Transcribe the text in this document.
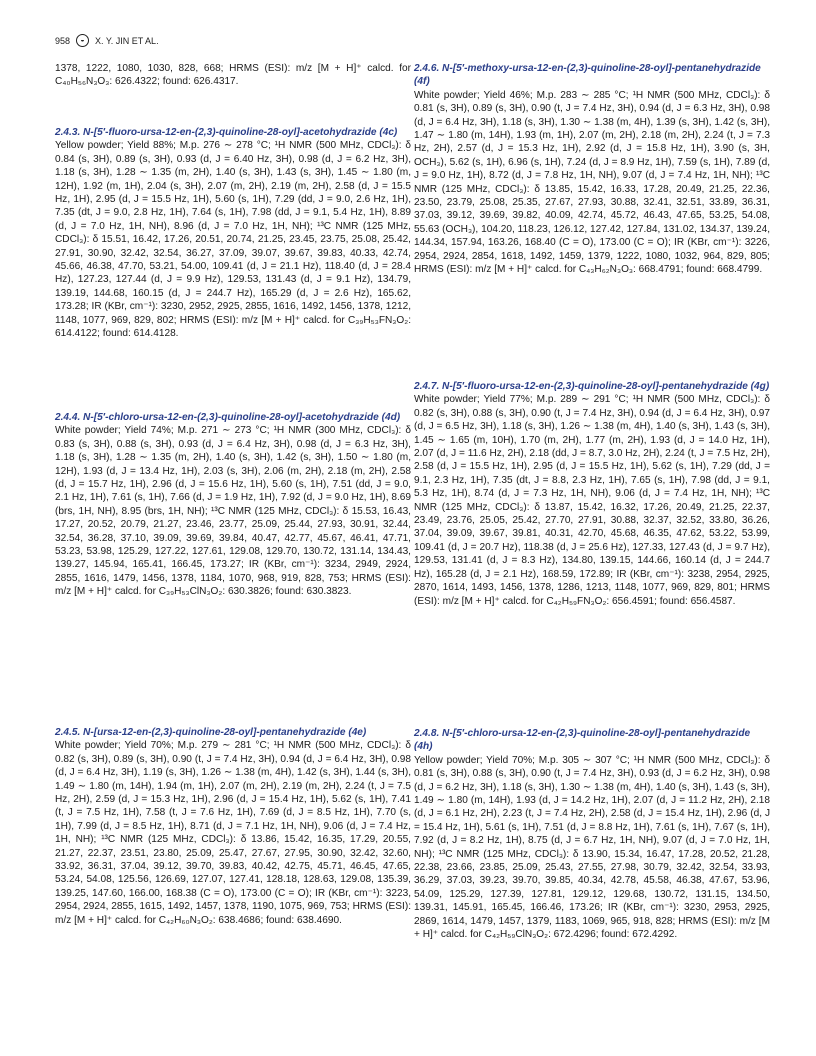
958	◒	X. Y. JIN ET AL.

1378, 1222, 1080, 1030, 828, 668; HRMS (ESI): m/z [M + H]⁺ calcd. for C₄₀H₅₆N₃O₃: 626.4322; found: 626.4317.

2.4.3. N-[5′-fluoro-ursa-12-en-(2,3)-quinoline-28-oyl]-acetohydrazide (4c)

Yellow powder; Yield 88%; M.p. 276 ∼ 278 °C; ¹H NMR (500 MHz, CDCl₃): δ 0.84 (s, 3H), 0.89 (s, 3H), 0.93 (d, J = 6.40 Hz, 3H), 0.98 (d, J = 6.2 Hz, 3H), 1.18 (s, 3H), 1.28 ∼ 1.35 (m, 2H), 1.40 (s, 3H), 1.43 (s, 3H), 1.45 ∼ 1.80 (m, 12H), 1.92 (m, 1H), 2.04 (s, 3H), 2.07 (m, 2H), 2.19 (m, 2H), 2.58 (d, J = 15.5 Hz, 1H), 2.95 (d, J = 15.5 Hz, 1H), 5.60 (s, 1H), 7.29 (dd, J = 9.0, 2.6 Hz, 1H), 7.35 (dt, J = 9.0, 2.8 Hz, 1H), 7.64 (s, 1H), 7.98 (dd, J = 9.1, 5.4 Hz, 1H), 8.89 (d, J = 7.0 Hz, 1H, NH), 8.96 (d, J = 7.0 Hz, 1H, NH); ¹³C NMR (125 MHz, CDCl₃): δ 15.51, 16.42, 17.26, 20.51, 20.74, 21.25, 23.45, 23.75, 25.08, 25.42, 27.91, 30.90, 32.42, 32.54, 36.27, 37.09, 39.07, 39.67, 39.83, 40.33, 42.74, 45.66, 46.38, 47.70, 53.21, 54.00, 109.41 (d, J = 21.1 Hz), 118.40 (d, J = 28.4 Hz), 127.23, 127.44 (d, J = 9.9 Hz), 129.53, 131.43 (d, J = 9.1 Hz), 134.79, 139.19, 144.68, 160.15 (d, J = 244.7 Hz), 165.29 (d, J = 2.6 Hz), 165.62, 173.28; IR (KBr, cm⁻¹): 3230, 2952, 2925, 2855, 1616, 1492, 1456, 1378, 1212, 1148, 1077, 969, 829, 802; HRMS (ESI): m/z [M + H]⁺ calcd. for C₃₉H₅₃FN₃O₂: 614.4122; found: 614.4128.

2.4.4. N-[5′-chloro-ursa-12-en-(2,3)-quinoline-28-oyl]-acetohydrazide (4d)

White powder; Yield 74%; M.p. 271 ∼ 273 °C; ¹H NMR (300 MHz, CDCl₃): δ 0.83 (s, 3H), 0.88 (s, 3H), 0.93 (d, J = 6.4 Hz, 3H), 0.98 (d, J = 6.3 Hz, 3H), 1.18 (s, 3H), 1.28 ∼ 1.35 (m, 2H), 1.40 (s, 3H), 1.42 (s, 3H), 1.50 ∼ 1.80 (m, 12H), 1.93 (d, J = 13.4 Hz, 1H), 2.03 (s, 3H), 2.06 (m, 2H), 2.18 (m, 2H), 2.58 (d, J = 15.7 Hz, 1H), 2.96 (d, J = 15.6 Hz, 1H), 5.60 (s, 1H), 7.51 (dd, J = 9.0, 2.1 Hz, 1H), 7.61 (s, 1H), 7.66 (d, J = 1.9 Hz, 1H), 7.92 (d, J = 9.0 Hz, 1H), 8.69 (brs, 1H, NH), 8.95 (brs, 1H, NH); ¹³C NMR (125 MHz, CDCl₃): δ 15.53, 16.43, 17.27, 20.52, 20.79, 21.27, 23.46, 23.77, 25.09, 25.44, 27.93, 30.91, 32.44, 32.54, 36.28, 37.10, 39.09, 39.69, 39.84, 40.47, 42.77, 45.67, 46.41, 47.71, 53.23, 53.98, 125.29, 127.22, 127.61, 129.08, 129.70, 130.72, 131.14, 134.43, 139.27, 145.94, 165.41, 166.45, 173.27; IR (KBr, cm⁻¹): 3234, 2949, 2924, 2855, 1616, 1479, 1456, 1378, 1184, 1070, 968, 919, 828, 753; HRMS (ESI): m/z [M + H]⁺ calcd. for C₃₉H₅₃ClN₃O₂: 630.3826; found: 630.3823.

2.4.5. N-[ursa-12-en-(2,3)-quinoline-28-oyl]-pentanehydrazide (4e)

White powder; Yield 70%; M.p. 279 ∼ 281 °C; ¹H NMR (500 MHz, CDCl₃): δ 0.82 (s, 3H), 0.89 (s, 3H), 0.90 (t, J = 7.4 Hz, 3H), 0.94 (d, J = 6.4 Hz, 3H), 0.98 (d, J = 6.4 Hz, 3H), 1.19 (s, 3H), 1.26 ∼ 1.38 (m, 4H), 1.42 (s, 3H), 1.44 (s, 3H), 1.49 ∼ 1.80 (m, 14H), 1.94 (m, 1H), 2.07 (m, 2H), 2.19 (m, 2H), 2.24 (t, J = 7.5 Hz, 2H), 2.59 (d, J = 15.3 Hz, 1H), 2.96 (d, J = 15.4 Hz, 1H), 5.62 (s, 1H), 7.41 (t, J = 7.5 Hz, 1H), 7.58 (t, J = 7.6 Hz, 1H), 7.69 (d, J = 8.5 Hz, 1H), 7.70 (s, 1H), 7.99 (d, J = 8.5 Hz, 1H), 8.71 (d, J = 7.1 Hz, 1H, NH), 9.06 (d, J = 7.4 Hz, 1H, NH); ¹³C NMR (125 MHz, CDCl₃): δ 13.86, 15.42, 16.35, 17.29, 20.55, 21.27, 22.37, 23.51, 23.80, 25.09, 25.47, 27.67, 27.95, 30.90, 32.42, 32.60, 33.92, 36.31, 37.04, 39.12, 39.70, 39.83, 40.42, 42.75, 45.71, 46.45, 47.65, 53.24, 54.08, 125.56, 126.69, 127.07, 127.41, 128.18, 128.63, 129.08, 135.39, 139.25, 147.60, 166.00, 168.38 (C = O), 173.00 (C = O); IR (KBr, cm⁻¹): 3223, 2954, 2924, 2855, 1615, 1492, 1457, 1378, 1190, 1075, 969, 753; HRMS (ESI): m/z [M + H]⁺ calcd. for C₄₂H₆₀N₃O₂: 638.4686; found: 638.4690.

2.4.6. N-[5′-methoxy-ursa-12-en-(2,3)-quinoline-28-oyl]-pentanehydrazide (4f)

White powder; Yield 46%; M.p. 283 ∼ 285 °C; ¹H NMR (500 MHz, CDCl₃): δ 0.81 (s, 3H), 0.89 (s, 3H), 0.90 (t, J = 7.4 Hz, 3H), 0.94 (d, J = 6.3 Hz, 3H), 0.98 (d, J = 6.4 Hz, 3H), 1.18 (s, 3H), 1.30 ∼ 1.38 (m, 4H), 1.39 (s, 3H), 1.42 (s, 3H), 1.47 ∼ 1.80 (m, 14H), 1.93 (m, 1H), 2.07 (m, 2H), 2.18 (m, 2H), 2.24 (t, J = 7.3 Hz, 2H), 2.57 (d, J = 15.3 Hz, 1H), 2.92 (d, J = 15.8 Hz, 1H), 3.90 (s, 3H, OCH₃), 5.62 (s, 1H), 6.96 (s, 1H), 7.24 (d, J = 8.9 Hz, 1H), 7.59 (s, 1H), 7.89 (d, J = 9.0 Hz, 1H), 8.72 (d, J = 7.8 Hz, 1H, NH), 9.07 (d, J = 7.4 Hz, 1H, NH); ¹³C NMR (125 MHz, CDCl₃): δ 13.85, 15.42, 16.33, 17.28, 20.49, 21.25, 22.36, 23.50, 23.79, 25.08, 25.35, 27.67, 27.93, 30.88, 32.41, 32.51, 33.89, 36.31, 37.03, 39.12, 39.69, 39.82, 40.09, 42.74, 45.72, 46.43, 47.65, 53.25, 54.08, 55.63 (OCH₃), 104.20, 118.23, 126.12, 127.42, 127.84, 131.02, 134.37, 139.24, 144.34, 157.94, 163.26, 168.40 (C = O), 173.00 (C = O); IR (KBr, cm⁻¹): 3226, 2954, 2924, 2854, 1618, 1492, 1459, 1379, 1222, 1080, 1032, 964, 829, 805; HRMS (ESI): m/z [M + H]⁺ calcd. for C₄₃H₆₂N₃O₃: 668.4791; found: 668.4799.

2.4.7. N-[5′-fluoro-ursa-12-en-(2,3)-quinoline-28-oyl]-pentanehydrazide (4g)

White powder; Yield 77%; M.p. 289 ∼ 291 °C; ¹H NMR (500 MHz, CDCl₃): δ 0.82 (s, 3H), 0.88 (s, 3H), 0.90 (t, J = 7.4 Hz, 3H), 0.94 (d, J = 6.4 Hz, 3H), 0.97 (d, J = 6.5 Hz, 3H), 1.18 (s, 3H), 1.26 ∼ 1.38 (m, 4H), 1.40 (s, 3H), 1.43 (s, 3H), 1.45 ∼ 1.65 (m, 10H), 1.70 (m, 2H), 1.77 (m, 2H), 1.93 (d, J = 14.0 Hz, 1H), 2.07 (d, J = 11.6 Hz, 2H), 2.18 (dd, J = 8.7, 3.0 Hz, 2H), 2.24 (t, J = 7.5 Hz, 2H), 2.58 (d, J = 15.5 Hz, 1H), 2.95 (d, J = 15.5 Hz, 1H), 5.62 (s, 1H), 7.29 (dd, J = 9.1, 2.3 Hz, 1H), 7.35 (dt, J = 8.8, 2.3 Hz, 1H), 7.65 (s, 1H), 7.98 (dd, J = 9.1, 5.3 Hz, 1H), 8.74 (d, J = 7.3 Hz, 1H, NH), 9.06 (d, J = 7.4 Hz, 1H, NH); ¹³C NMR (125 MHz, CDCl₃): δ 13.87, 15.42, 16.32, 17.26, 20.49, 21.25, 22.37, 23.49, 23.76, 25.05, 25.42, 27.70, 27.91, 30.88, 32.37, 32.52, 33.80, 36.26, 37.04, 39.09, 39.67, 39.81, 40.31, 42.70, 45.68, 46.35, 47.62, 53.22, 53.99, 109.41 (d, J = 20.7 Hz), 118.38 (d, J = 25.6 Hz), 127.33, 127.43 (d, J = 9.7 Hz), 129.53, 131.41 (d, J = 8.3 Hz), 134.80, 139.15, 144.66, 160.14 (d, J = 244.7 Hz), 165.28 (d, J = 2.1 Hz), 168.59, 172.89; IR (KBr, cm⁻¹): 3238, 2954, 2925, 2870, 1614, 1493, 1456, 1378, 1286, 1213, 1148, 1077, 969, 829, 801; HRMS (ESI): m/z [M + H]⁺ calcd. for C₄₂H₅₉FN₃O₂: 656.4591; found: 656.4587.

2.4.8. N-[5′-chloro-ursa-12-en-(2,3)-quinoline-28-oyl]-pentanehydrazide (4h)

Yellow powder; Yield 70%; M.p. 305 ∼ 307 °C; ¹H NMR (500 MHz, CDCl₃): δ 0.81 (s, 3H), 0.88 (s, 3H), 0.90 (t, J = 7.4 Hz, 3H), 0.93 (d, J = 6.2 Hz, 3H), 0.98 (d, J = 6.2 Hz, 3H), 1.18 (s, 3H), 1.30 ∼ 1.38 (m, 4H), 1.40 (s, 3H), 1.43 (s, 3H), 1.49 ∼ 1.80 (m, 14H), 1.93 (d, J = 14.2 Hz, 1H), 2.07 (d, J = 11.2 Hz, 2H), 2.18 (d, J = 6.1 Hz, 2H), 2.23 (t, J = 7.4 Hz, 2H), 2.58 (d, J = 15.4 Hz, 1H), 2.96 (d, J = 15.4 Hz, 1H), 5.61 (s, 1H), 7.51 (d, J = 8.8 Hz, 1H), 7.61 (s, 1H), 7.67 (s, 1H), 7.92 (d, J = 8.2 Hz, 1H), 8.75 (d, J = 6.7 Hz, 1H, NH), 9.07 (d, J = 7.0 Hz, 1H, NH); ¹³C NMR (125 MHz, CDCl₃): δ 13.90, 15.34, 16.47, 17.28, 20.52, 21.28, 22.38, 23.66, 23.85, 25.09, 25.43, 27.55, 27.98, 30.79, 32.42, 32.54, 33.93, 36.29, 37.03, 39.23, 39.70, 39.85, 40.34, 42.78, 45.58, 46.38, 47.67, 53.96, 54.09, 125.29, 127.39, 127.81, 129.12, 129.68, 130.72, 131.15, 134.50, 139.31, 145.91, 165.45, 166.46, 173.26; IR (KBr, cm⁻¹): 3230, 2953, 2925, 2869, 1614, 1479, 1457, 1379, 1183, 1069, 965, 918, 828; HRMS (ESI): m/z [M + H]⁺ calcd. for C₄₂H₅₉ClN₃O₂: 672.4296; found: 672.4292.
